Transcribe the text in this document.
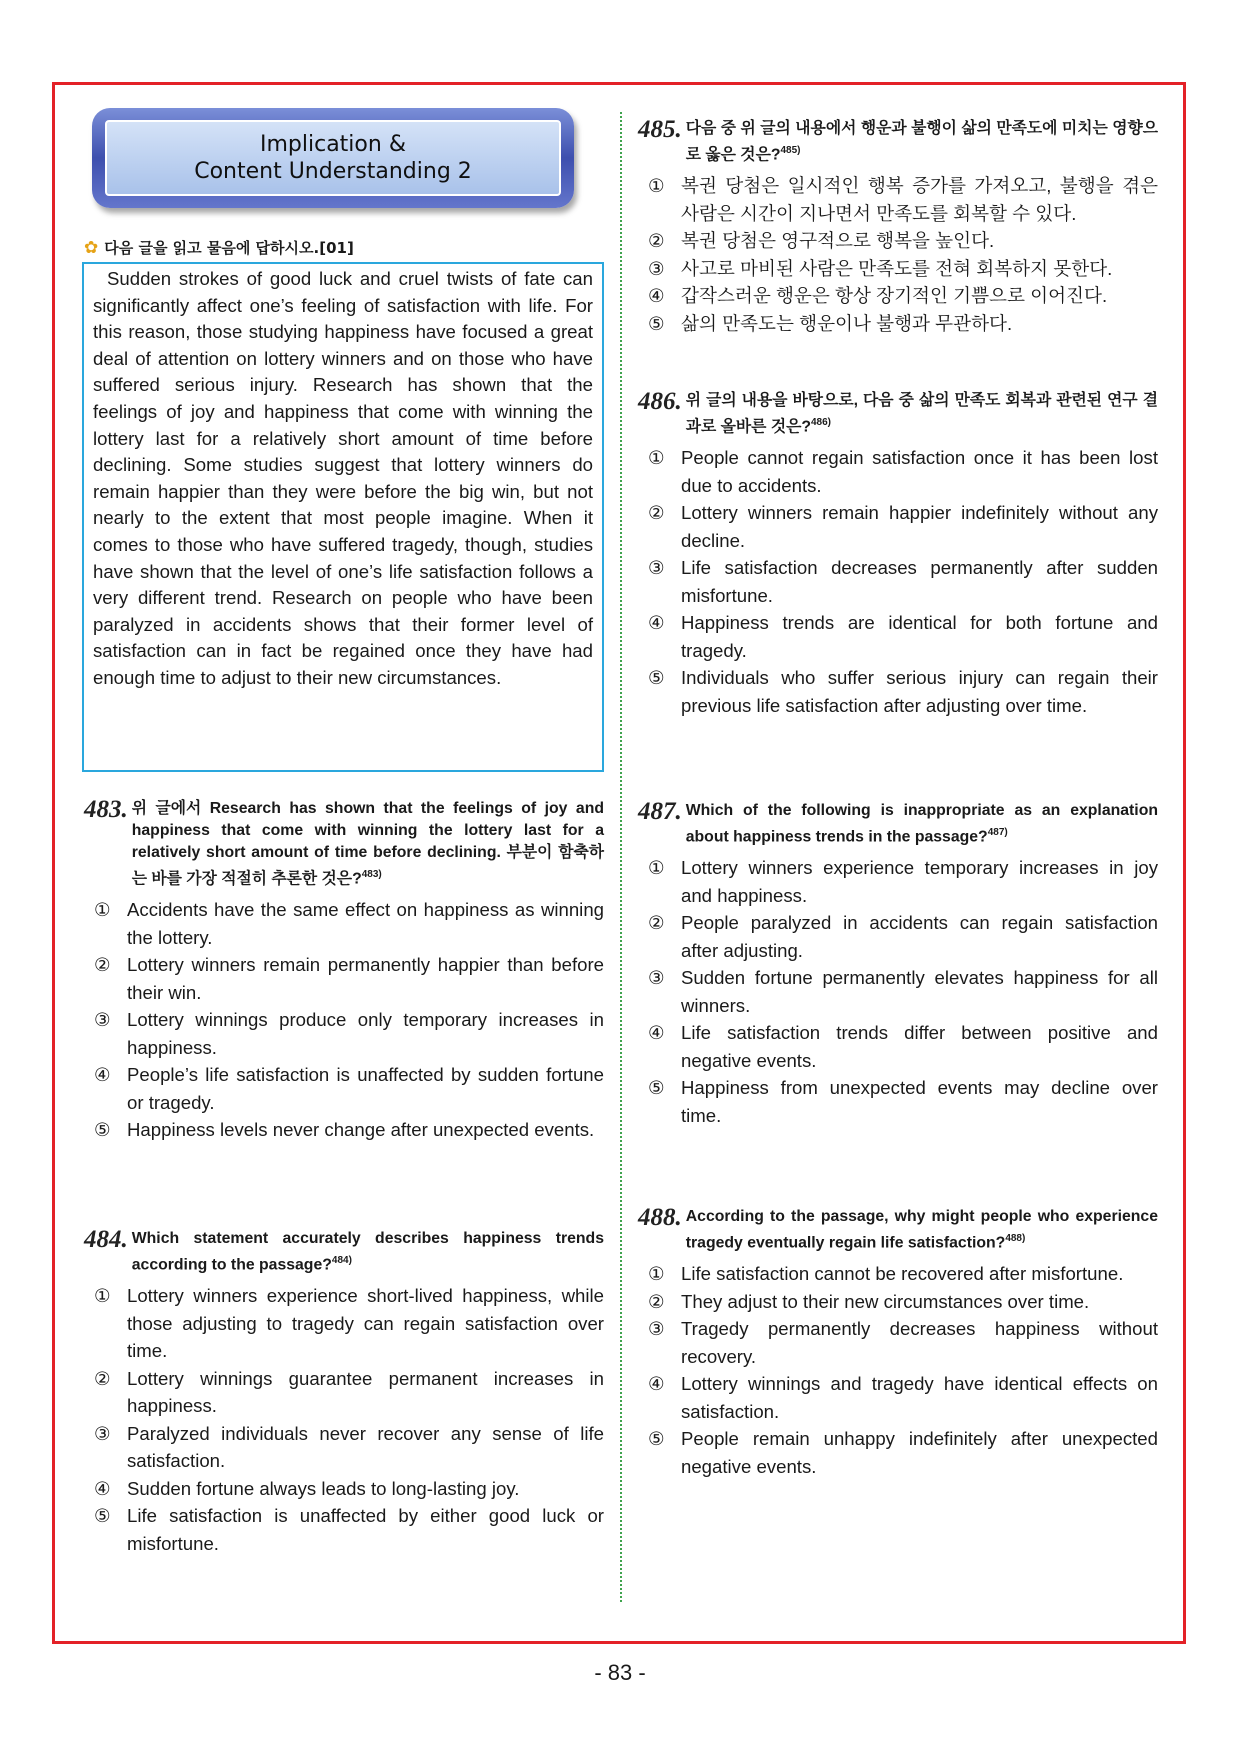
Implication &
Content Understanding 2
✿ 다음 글을 읽고 물음에 답하시오.[01]
Sudden strokes of good luck and cruel twists of fate can significantly affect one’s feeling of satisfaction with life. For this reason, those studying happiness have focused a great deal of attention on lottery winners and on those who have suffered serious injury. Research has shown that the feelings of joy and happiness that come with winning the lottery last for a relatively short amount of time before declining. Some studies suggest that lottery winners do remain happier than they were before the big win, but not nearly to the extent that most people imagine. When it comes to those who have suffered tragedy, though, studies have shown that the level of one’s life satisfaction follows a very different trend. Research on people who have been paralyzed in accidents shows that their former level of satisfaction can in fact be regained once they have had enough time to adjust to their new circumstances.
483. 위 글에서 Research has shown that the feelings of joy and happiness that come with winning the lottery last for a relatively short amount of time before declining. 부분이 함축하는 바를 가장 적절히 추론한 것은?$^{483)}$
① Accidents have the same effect on happiness as winning the lottery.
② Lottery winners remain permanently happier than before their win.
③ Lottery winnings produce only temporary increases in happiness.
④ People’s life satisfaction is unaffected by sudden fortune or tragedy.
⑤ Happiness levels never change after unexpected events.
484. Which statement accurately describes happiness trends according to the passage?$^{484)}$
① Lottery winners experience short-lived happiness, while those adjusting to tragedy can regain satisfaction over time.
② Lottery winnings guarantee permanent increases in happiness.
③ Paralyzed individuals never recover any sense of life satisfaction.
④ Sudden fortune always leads to long-lasting joy.
⑤ Life satisfaction is unaffected by either good luck or misfortune.
485. 다음 중 위 글의 내용에서 행운과 불행이 삶의 만족도에 미치는 영향으로 옳은 것은?$^{485)}$
① 복권 당첨은 일시적인 행복 증가를 가져오고, 불행을 겪은 사람은 시간이 지나면서 만족도를 회복할 수 있다.
② 복권 당첨은 영구적으로 행복을 높인다.
③ 사고로 마비된 사람은 만족도를 전혀 회복하지 못한다.
④ 갑작스러운 행운은 항상 장기적인 기쁨으로 이어진다.
⑤ 삶의 만족도는 행운이나 불행과 무관하다.
486. 위 글의 내용을 바탕으로, 다음 중 삶의 만족도 회복과 관련된 연구 결과로 올바른 것은?$^{486)}$
① People cannot regain satisfaction once it has been lost due to accidents.
② Lottery winners remain happier indefinitely without any decline.
③ Life satisfaction decreases permanently after sudden misfortune.
④ Happiness trends are identical for both fortune and tragedy.
⑤ Individuals who suffer serious injury can regain their previous life satisfaction after adjusting over time.
487. Which of the following is inappropriate as an explanation about happiness trends in the passage?$^{487)}$
① Lottery winners experience temporary increases in joy and happiness.
② People paralyzed in accidents can regain satisfaction after adjusting.
③ Sudden fortune permanently elevates happiness for all winners.
④ Life satisfaction trends differ between positive and negative events.
⑤ Happiness from unexpected events may decline over time.
488. According to the passage, why might people who experience tragedy eventually regain life satisfaction?$^{488)}$
① Life satisfaction cannot be recovered after misfortune.
② They adjust to their new circumstances over time.
③ Tragedy permanently decreases happiness without recovery.
④ Lottery winnings and tragedy have identical effects on satisfaction.
⑤ People remain unhappy indefinitely after unexpected negative events.
- 83 -
